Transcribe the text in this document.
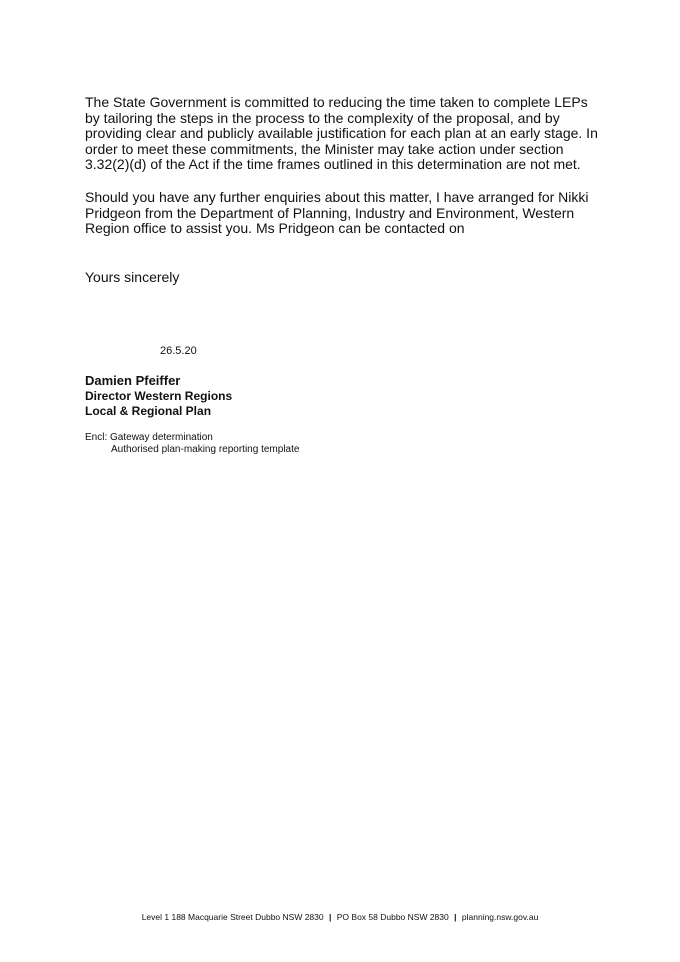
The State Government is committed to reducing the time taken to complete LEPs by tailoring the steps in the process to the complexity of the proposal, and by providing clear and publicly available justification for each plan at an early stage. In order to meet these commitments, the Minister may take action under section 3.32(2)(d) of the Act if the time frames outlined in this determination are not met.

Should you have any further enquiries about this matter, I have arranged for Nikki Pridgeon from the Department of Planning, Industry and Environment, Western Region office to assist you. Ms Pridgeon can be contacted on

Yours sincerely
26.5.20
Damien Pfeiffer
Director Western Regions
Local & Regional Plan
Encl: Gateway determination
Authorised plan-making reporting template
Level 1 188 Macquarie Street Dubbo NSW 2830 | PO Box 58 Dubbo NSW 2830 | planning.nsw.gov.au
